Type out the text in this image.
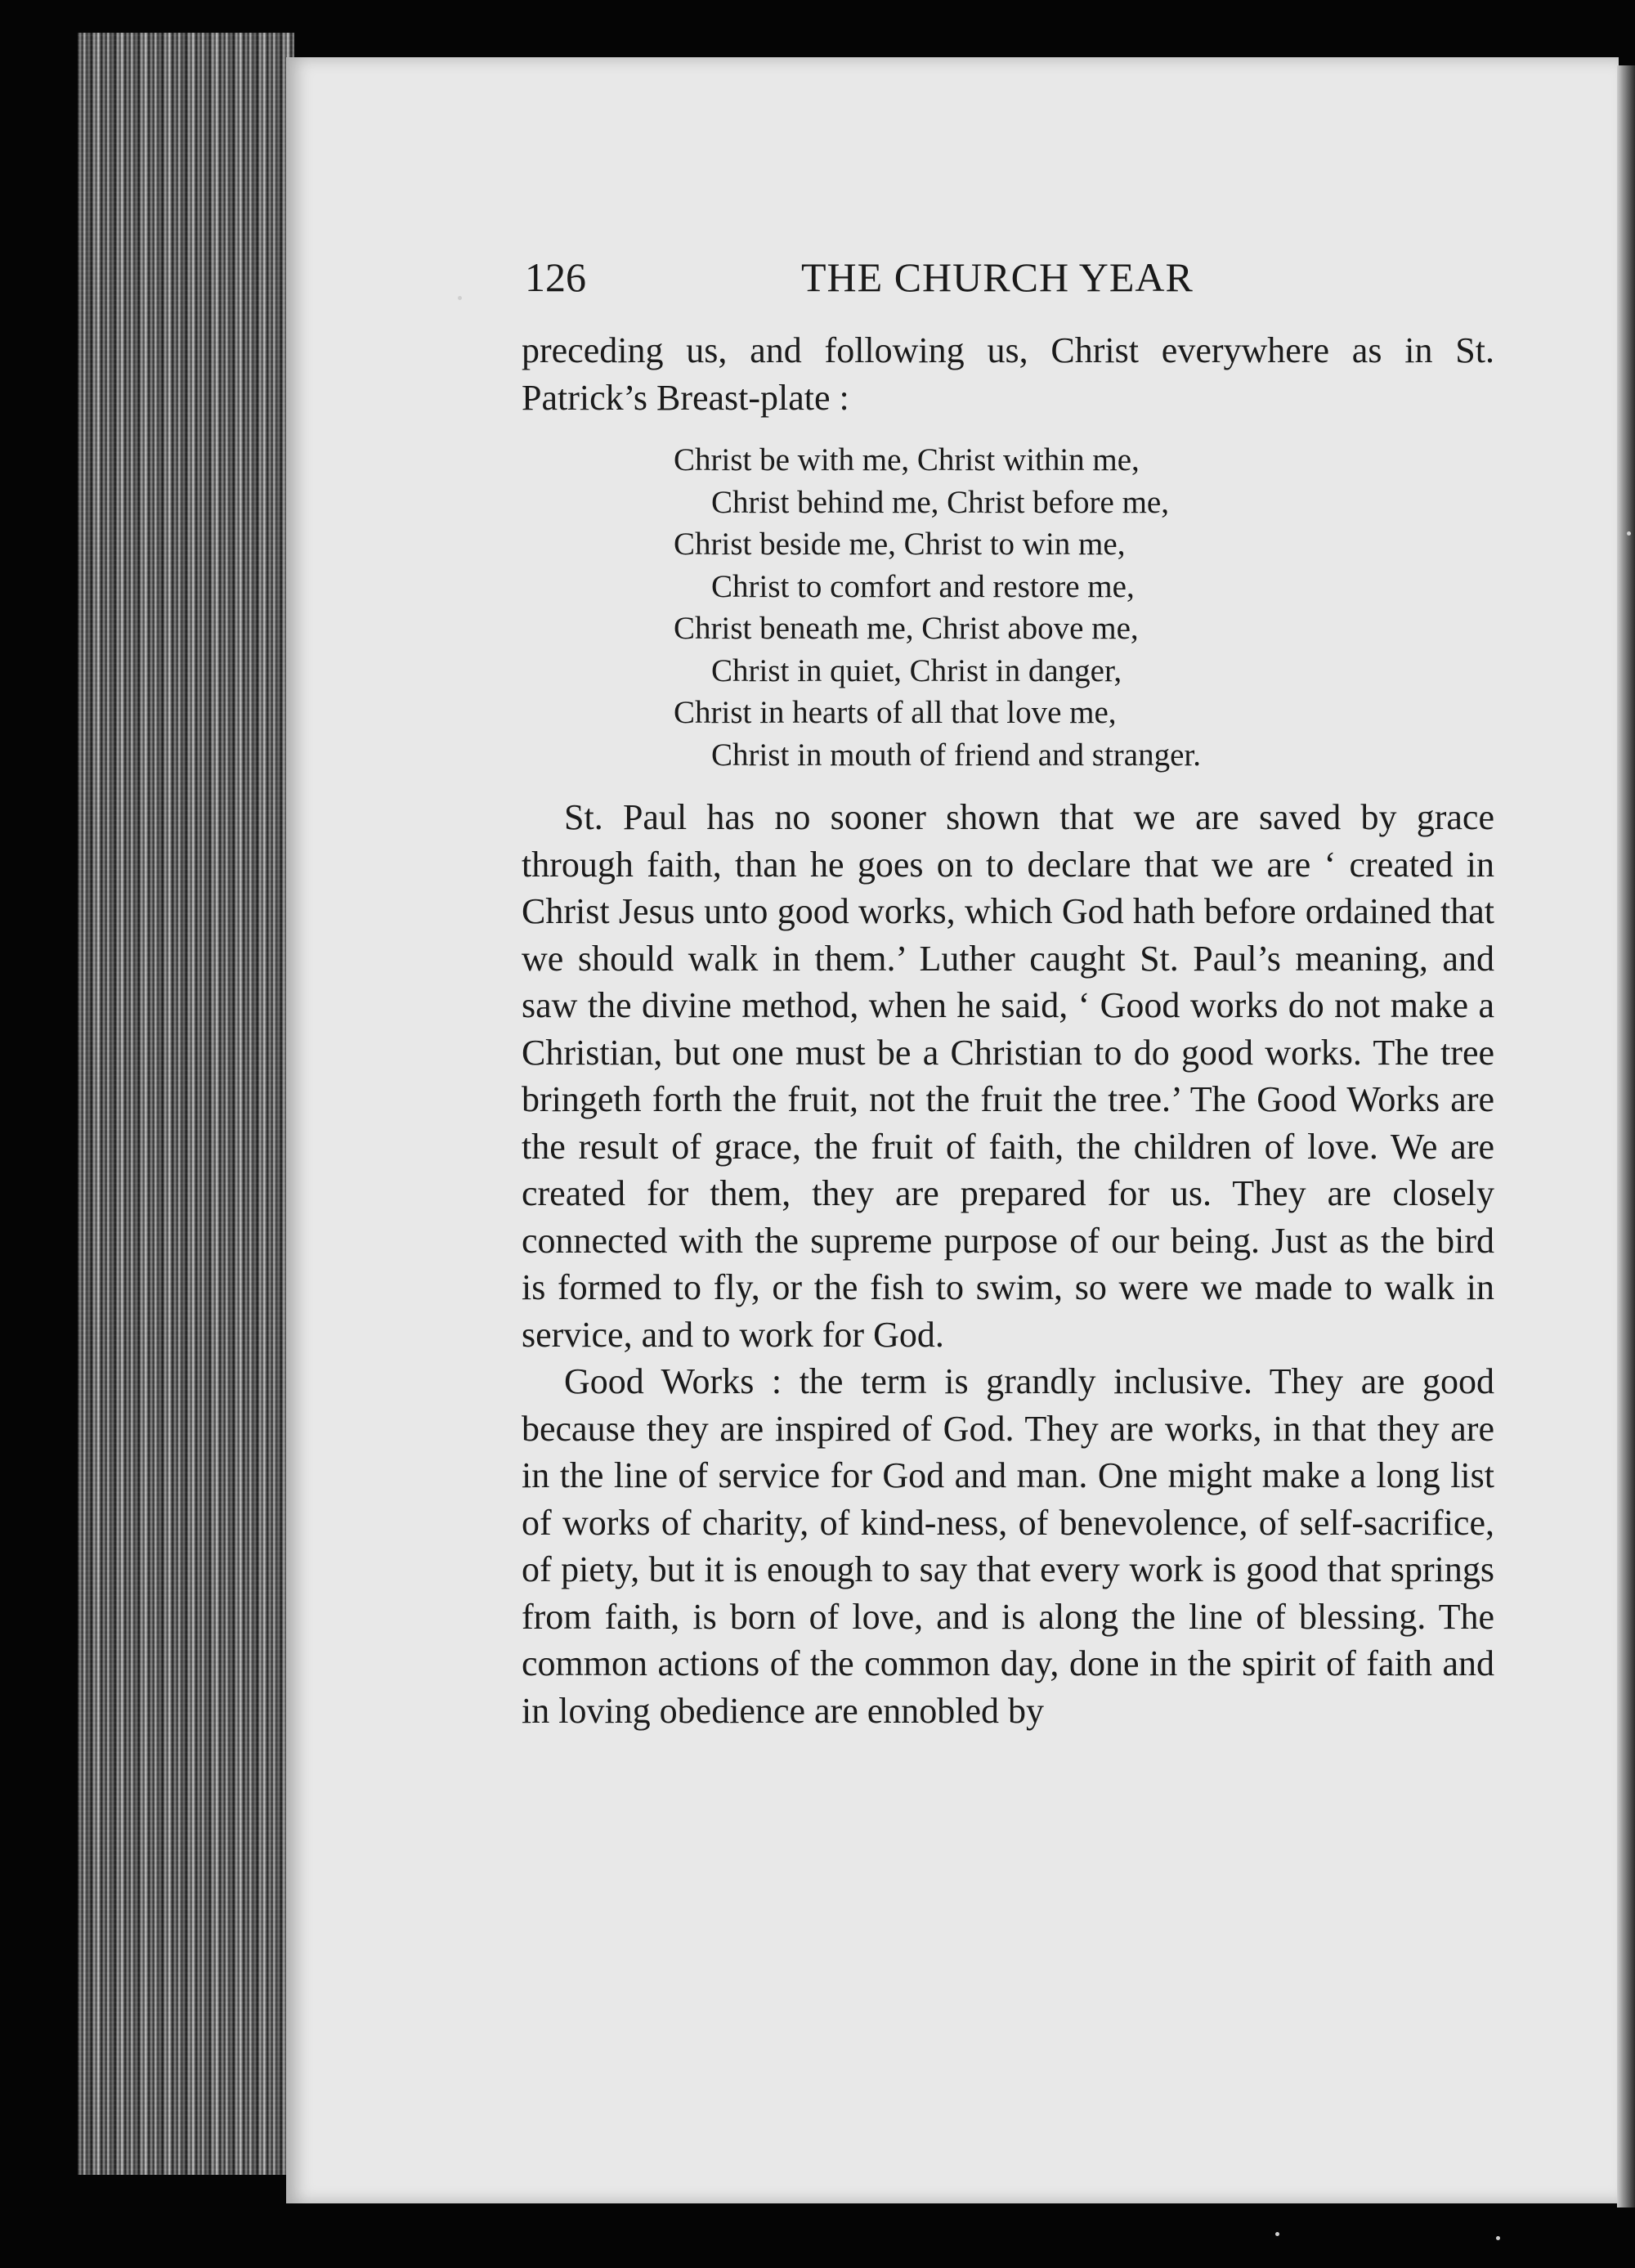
126	THE CHURCH YEAR

preceding us, and following us, Christ everywhere as in St. Patrick’s Breast-plate :

Christ be with me, Christ within me,
Christ behind me, Christ before me,
Christ beside me, Christ to win me,
Christ to comfort and restore me,
Christ beneath me, Christ above me,
Christ in quiet, Christ in danger,
Christ in hearts of all that love me,
Christ in mouth of friend and stranger.

St. Paul has no sooner shown that we are saved by grace through faith, than he goes on to declare that we are ‘ created in Christ Jesus unto good works, which God hath before ordained that we should walk in them.’ Luther caught St. Paul’s meaning, and saw the divine method, when he said, ‘ Good works do not make a Christian, but one must be a Christian to do good works. The tree bringeth forth the fruit, not the fruit the tree.’ The Good Works are the result of grace, the fruit of faith, the children of love. We are created for them, they are prepared for us. They are closely connected with the supreme purpose of our being. Just as the bird is formed to fly, or the fish to swim, so were we made to walk in service, and to work for God.

Good Works : the term is grandly inclusive. They are good because they are inspired of God. They are works, in that they are in the line of service for God and man. One might make a long list of works of charity, of kind-ness, of benevolence, of self-sacrifice, of piety, but it is enough to say that every work is good that springs from faith, is born of love, and is along the line of blessing. The common actions of the common day, done in the spirit of faith and in loving obedience are ennobled by
